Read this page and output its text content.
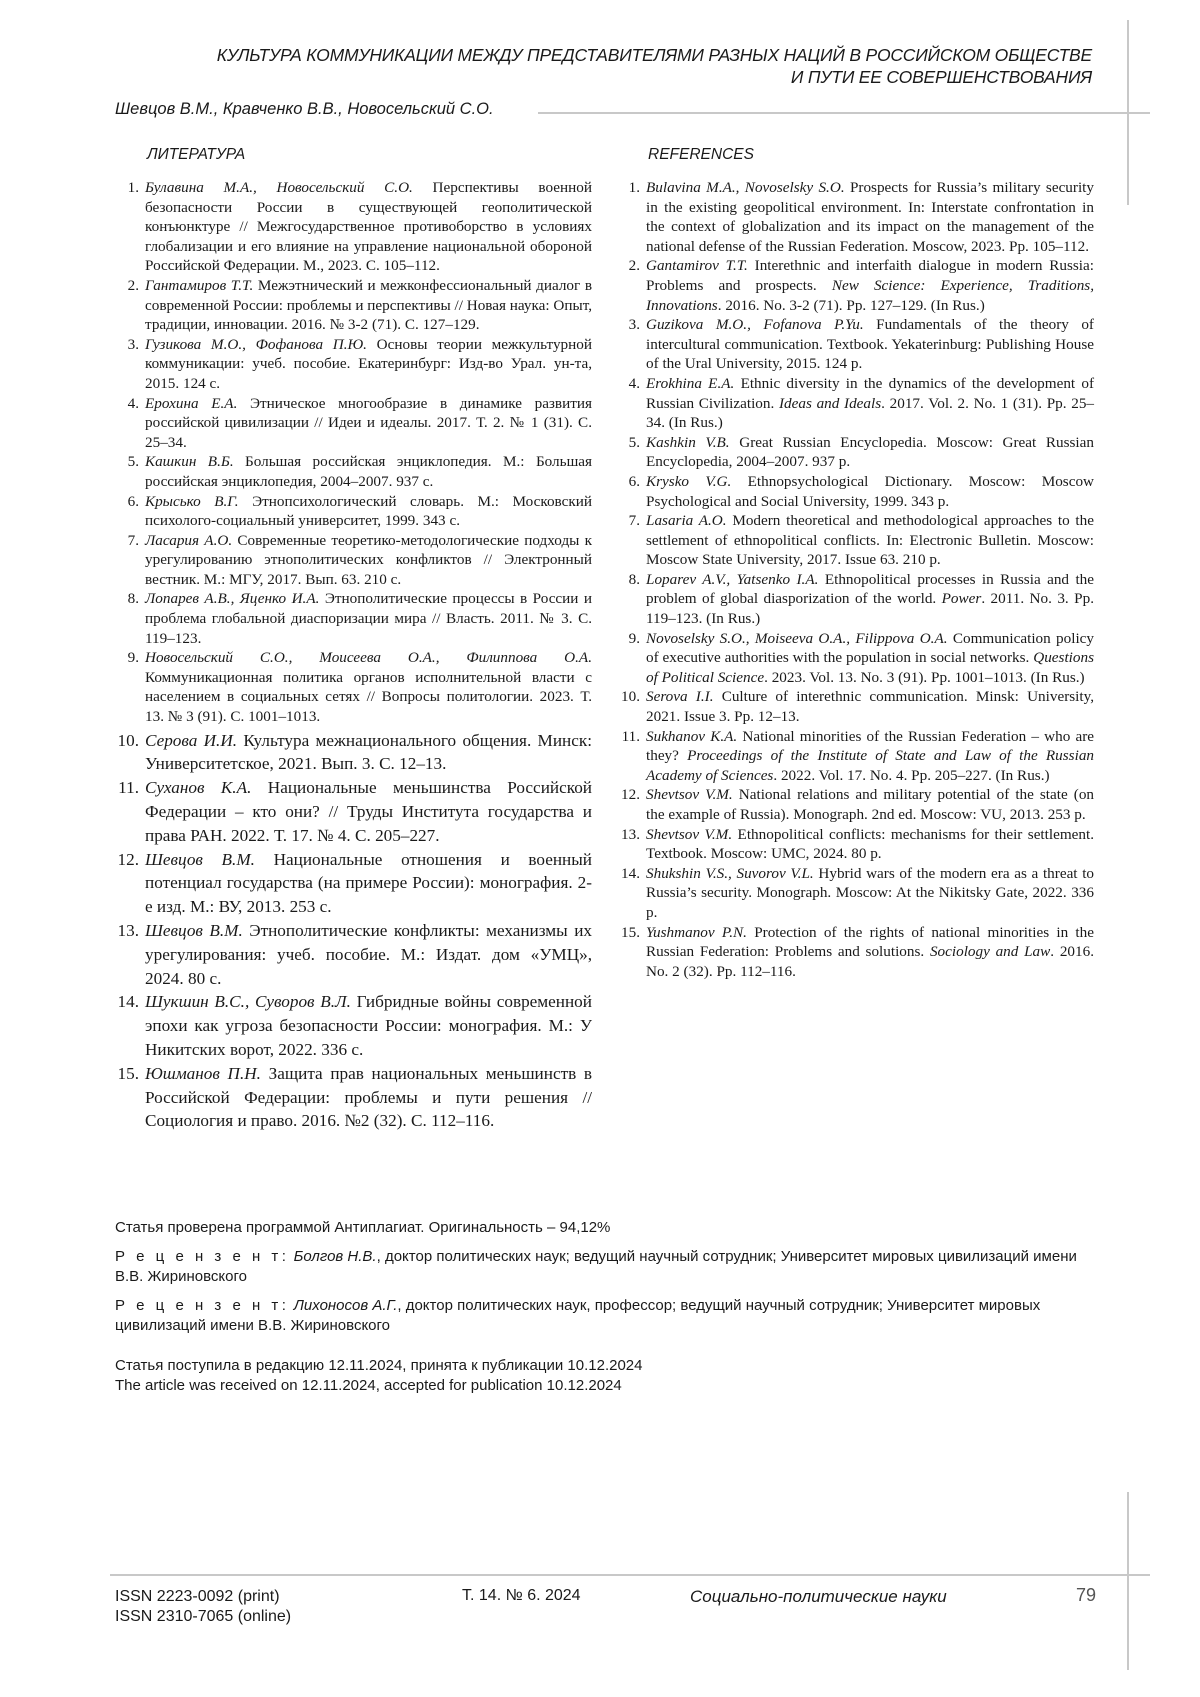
КУЛЬТУРА КОММУНИКАЦИИ МЕЖДУ ПРЕДСТАВИТЕЛЯМИ РАЗНЫХ НАЦИЙ В РОССИЙСКОМ ОБЩЕСТВЕ
И ПУТИ ЕЕ СОВЕРШЕНСТВОВАНИЯ
Шевцов В.М., Кравченко В.В., Новосельский С.О.
ЛИТЕРАТУРА
1. Булавина М.А., Новосельский С.О. Перспективы военной безопасности России в существующей геополитической конъюнктуре // Межгосударственное противоборство в условиях глобализации и его влияние на управление национальной обороной Российской Федерации. М., 2023. С. 105–112.
2. Гантамиров Т.Т. Межэтнический и межконфессиональный диалог в современной России: проблемы и перспективы // Новая наука: Опыт, традиции, инновации. 2016. № 3-2 (71). С. 127–129.
3. Гузикова М.О., Фофанова П.Ю. Основы теории межкультурной коммуникации: учеб. пособие. Екатеринбург: Изд-во Урал. ун-та, 2015. 124 с.
4. Ерохина Е.А. Этническое многообразие в динамике развития российской цивилизации // Идеи и идеалы. 2017. Т. 2. № 1 (31). С. 25–34.
5. Кашкин В.Б. Большая российская энциклопедия. М.: Большая российская энциклопедия, 2004–2007. 937 с.
6. Крысько В.Г. Этнопсихологический словарь. М.: Московский психолого-социальный университет, 1999. 343 с.
7. Ласария А.О. Современные теоретико-методологические подходы к урегулированию этнополитических конфликтов // Электронный вестник. М.: МГУ, 2017. Вып. 63. 210 с.
8. Лопарев А.В., Яценко И.А. Этнополитические процессы в России и проблема глобальной диаспоризации мира // Власть. 2011. № 3. С. 119–123.
9. Новосельский С.О., Моисеева О.А., Филиппова О.А. Коммуникационная политика органов исполнительной власти с населением в социальных сетях // Вопросы политологии. 2023. Т. 13. № 3 (91). С. 1001–1013.
10. Серова И.И. Культура межнационального общения. Минск: Университетское, 2021. Вып. 3. С. 12–13.
11. Суханов К.А. Национальные меньшинства Российской Федерации – кто они? // Труды Института государства и права РАН. 2022. Т. 17. № 4. С. 205–227.
12. Шевцов В.М. Национальные отношения и военный потенциал государства (на примере России): монография. 2-е изд. М.: ВУ, 2013. 253 с.
13. Шевцов В.М. Этнополитические конфликты: механизмы их урегулирования: учеб. пособие. М.: Издат. дом «УМЦ», 2024. 80 с.
14. Шукшин В.С., Суворов В.Л. Гибридные войны современной эпохи как угроза безопасности России: монография. М.: У Никитских ворот, 2022. 336 с.
15. Юшманов П.Н. Защита прав национальных меньшинств в Российской Федерации: проблемы и пути решения // Социология и право. 2016. №2 (32). С. 112–116.
REFERENCES
1. Bulavina M.A., Novoselsky S.O. Prospects for Russia’s military security in the existing geopolitical environment. In: Interstate confrontation in the context of globalization and its impact on the management of the national defense of the Russian Federation. Moscow, 2023. Pp. 105–112.
2. Gantamirov T.T. Interethnic and interfaith dialogue in modern Russia: Problems and prospects. New Science: Experience, Traditions, Innovations. 2016. No. 3-2 (71). Pp. 127–129. (In Rus.)
3. Guzikova M.O., Fofanova P.Yu. Fundamentals of the theory of intercultural communication. Textbook. Yekaterinburg: Publishing House of the Ural University, 2015. 124 p.
4. Erokhina E.A. Ethnic diversity in the dynamics of the development of Russian Civilization. Ideas and Ideals. 2017. Vol. 2. No. 1 (31). Pp. 25–34. (In Rus.)
5. Kashkin V.B. Great Russian Encyclopedia. Moscow: Great Russian Encyclopedia, 2004–2007. 937 p.
6. Krysko V.G. Ethnopsychological Dictionary. Moscow: Moscow Psychological and Social University, 1999. 343 p.
7. Lasaria A.O. Modern theoretical and methodological approaches to the settlement of ethnopolitical conflicts. In: Electronic Bulletin. Moscow: Moscow State University, 2017. Issue 63. 210 p.
8. Loparev A.V., Yatsenko I.A. Ethnopolitical processes in Russia and the problem of global diasporization of the world. Power. 2011. No. 3. Pp. 119–123. (In Rus.)
9. Novoselsky S.O., Moiseeva O.A., Filippova O.A. Communication policy of executive authorities with the population in social networks. Questions of Political Science. 2023. Vol. 13. No. 3 (91). Pp. 1001–1013. (In Rus.)
10. Serova I.I. Culture of interethnic communication. Minsk: University, 2021. Issue 3. Pp. 12–13.
11. Sukhanov K.A. National minorities of the Russian Federation – who are they? Proceedings of the Institute of State and Law of the Russian Academy of Sciences. 2022. Vol. 17. No. 4. Pp. 205–227. (In Rus.)
12. Shevtsov V.M. National relations and military potential of the state (on the example of Russia). Monograph. 2nd ed. Moscow: VU, 2013. 253 p.
13. Shevtsov V.M. Ethnopolitical conflicts: mechanisms for their settlement. Textbook. Moscow: UMC, 2024. 80 p.
14. Shukshin V.S., Suvorov V.L. Hybrid wars of the modern era as a threat to Russia’s security. Monograph. Moscow: At the Nikitsky Gate, 2022. 336 p.
15. Yushmanov P.N. Protection of the rights of national minorities in the Russian Federation: Problems and solutions. Sociology and Law. 2016. No. 2 (32). Pp. 112–116.

Статья проверена программой Антиплагиат. Оригинальность – 94,12%

Р е ц е н з е н т: Болгов Н.В., доктор политических наук; ведущий научный сотрудник; Университет мировых цивилизаций имени В.В. Жириновского

Р е ц е н з е н т: Лихоносов А.Г., доктор политических наук, профессор; ведущий научный сотрудник; Университет мировых цивилизаций имени В.В. Жириновского

Статья поступила в редакцию 12.11.2024, принята к публикации 10.12.2024

The article was received on 12.11.2024, accepted for publication 10.12.2024

ISSN 2223-0092 (print)
ISSN 2310-7065 (online)
Т. 14. № 6. 2024	Социально-политические науки	79
